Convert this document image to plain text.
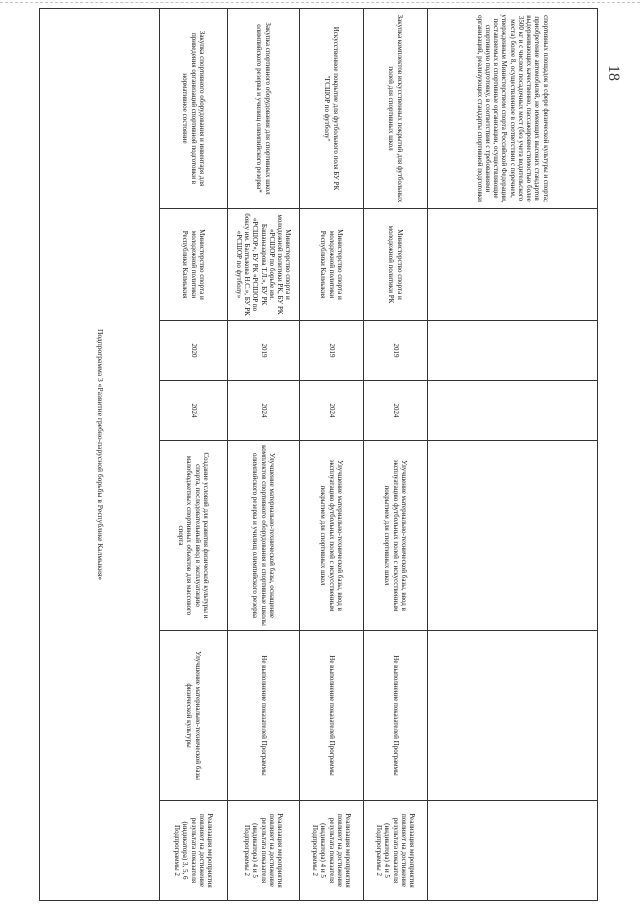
18
спортивных площадок в сфере физической культуры и спорта; приобретение автомобилей, не имеющих высоких стандартов выдерживающих качественно, пассажировместимостью более 3500 кг и с числом посадочных мест (без учета водительского места) более 8, осуществленное в соответствии с перечнем, утвержденным Министерством спорта Российской Федерации, поставляемых в спортивные организации, осуществляющие спортивную подготовку, в соответствии с требованиями организаций, реализующих стандарты спортивной подготовки						
Закупка комплектов искусственных покрытий для футбольных полей для спортивных школ	Министерство спорта и молодежной политики РК	2019	2024	Улучшение материально-технической базы, ввод в эксплуатацию футбольных полей с искусственным покрытием для спортивных школ	Не выполнение показателей Программы	Реализация мероприятия повлияет на достижение результата показателя (индикатора) 4 и 5 Подпрограммы 2
Искусственное покрытие для футбольного поля БУ РК "ГСШОР по футболу"	Министерство спорта и молодежной политики Республики Калмыкия	2019	2024	Улучшение материально-технической базы, ввод в эксплуатацию футбольных полей с искусственным покрытием для спортивных школ	Не выполнение показателей Программы	Реализация мероприятия повлияет на достижение результата показателя (индикатора) 4 и 5 Подпрограммы 2
Закупка спортивного оборудования для спортивных школ олимпийского резерва и училищ олимпийского резерва*	Министерство спорта и молодежной политики РК, БУ РК «РСШОР по борьбе им. Башаназарова Т.Л.», БУ РК «РСШОР», БУ РК «РСШОР по боксу им. Балтыкова Н.С.», БУ РК «РСШОР по футболу»	2019	2024	Улучшение материально-технической базы, оснащение комплектов спортивного оборудования и спортивные школы олимпийского резерва и училищ олимпийского резерва	Не выполнение показателей Программы	Реализация мероприятия повлияет на достижение результата показателя (индикатора) 4 и 5 Подпрограммы 2
Закупка спортивного оборудования и инвентаря для приведения организаций спортивной подготовки в нормативное состояние	Министерство спорта и молодежной политики Республики Калмыкия	2020	2024	Создание условий для развития физической культуры и спорта, последовательный ввод в эксплуатацию малобюджетных спортивных объектов для массового спорта	Улучшение материально-технической базы физической культуры	Реализация мероприятия повлияет на достижение результата показателя (индикатора) 3, 5, 6 Подпрограммы 2
Подпрограмма 3 «Развитие гребно-парусной борьбы в Республике Калмыкия»						
